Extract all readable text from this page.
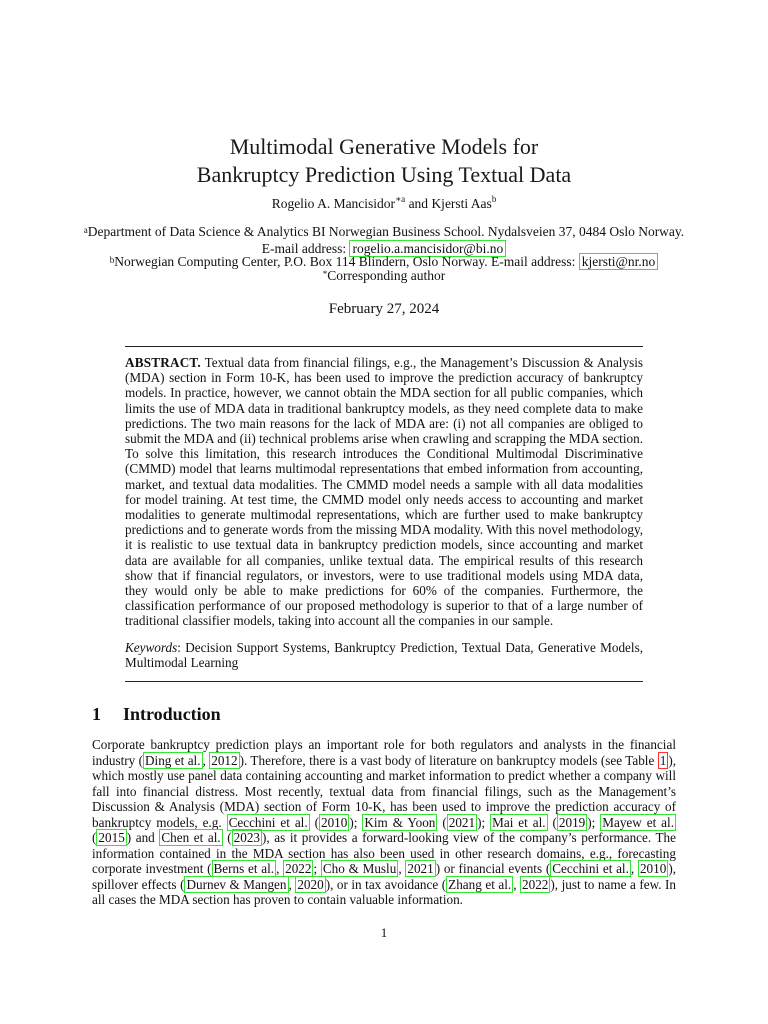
Multimodal Generative Models for
Bankruptcy Prediction Using Textual Data
Rogelio A. Mancisidor$^{∗a}$ and Kjersti Aas$^b$
$^a$Department of Data Science & Analytics BI Norwegian Business School. Nydalsveien 37, 0484 Oslo Norway. E-mail address: rogelio.a.mancisidor@bi.no
$^b$Norwegian Computing Center, P.O. Box 114 Blindern, Oslo Norway. E-mail address: kjersti@nr.no
*Corresponding author
February 27, 2024
ABSTRACT. Textual data from financial filings, e.g., the Management’s Discussion & Analysis (MDA) section in Form 10-K, has been used to improve the prediction accuracy of bankruptcy models. In practice, however, we cannot obtain the MDA section for all public companies, which limits the use of MDA data in traditional bankruptcy models, as they need complete data to make predictions. The two main reasons for the lack of MDA are: (i) not all companies are obliged to submit the MDA and (ii) technical problems arise when crawling and scrapping the MDA section. To solve this limitation, this research introduces the Conditional Multimodal Discriminative (CMMD) model that learns multimodal representations that embed information from accounting, market, and textual data modalities. The CMMD model needs a sample with all data modalities for model training. At test time, the CMMD model only needs access to accounting and market modalities to generate multimodal representations, which are further used to make bankruptcy predictions and to generate words from the missing MDA modality. With this novel methodology, it is realistic to use textual data in bankruptcy prediction models, since accounting and market data are available for all companies, unlike textual data. The empirical results of this research show that if financial regulators, or investors, were to use traditional models using MDA data, they would only be able to make predictions for 60% of the companies. Furthermore, the classification performance of our proposed methodology is superior to that of a large number of traditional classifier models, taking into account all the companies in our sample.
Keywords: Decision Support Systems, Bankruptcy Prediction, Textual Data, Generative Models, Multimodal Learning
1 Introduction
Corporate bankruptcy prediction plays an important role for both regulators and analysts in the financial industry ( Ding et al. , 2012 ). Therefore, there is a vast body of literature on bankruptcy models (see Table 1 ), which mostly use panel data containing accounting and market information to predict whether a company will fall into financial distress. Most recently, textual data from financial filings, such as the Management’s Discussion & Analysis (MDA) section of Form 10-K, has been used to improve the prediction accuracy of bankruptcy models, e.g. Cecchini et al. ( 2010 ); Kim & Yoon ( 2021 ); Mai et al. ( 2019 ); Mayew et al. ( 2015 ) and Chen et al. ( 2023 ), as it provides a forward-looking view of the company’s performance. The information contained in the MDA section has also been used in other research domains, e.g., forecasting corporate investment ( Berns et al. , 2022 ; Cho & Muslu , 2021 ) or financial events ( Cecchini et al. , 2010 ), spillover effects ( Durnev & Mangen , 2020 ), or in tax avoidance ( Zhang et al. , 2022 ), just to name a few. In all cases the MDA section has proven to contain valuable information.
1
